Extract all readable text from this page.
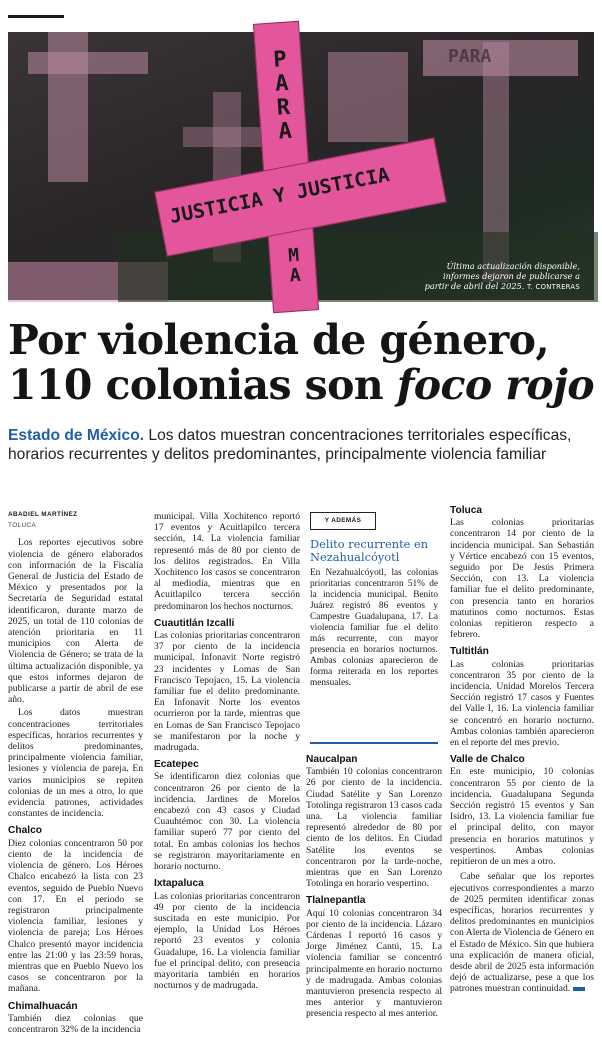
PARA
PARA
JUSTICIA Y JUSTICIA
MA	Última actualización disponible, informes dejaron de publicarse a partir de abril del 2025. T. CONTRERAS
Por violencia de género,
110 colonias son foco rojo
Estado de México. Los datos muestran concentraciones territoriales específicas, horarios recurrentes y delitos predominantes, principalmente violencia familiar
ABADIEL MARTÍNEZ
TOLUCA

Los reportes ejecutivos sobre violencia de género elaborados con información de la Fiscalía General de Justicia del Estado de México y presentados por la Secretaría de Seguridad estatal identificaron, durante marzo de 2025, un total de 110 colonias de atención prioritaria en 11 municipios con Alerta de Violencia de Género; se trata de la última actualización disponible, ya que estos informes dejaron de publicarse a partir de abril de ese año.

Los datos muestran concentraciones territoriales específicas, horarios recurrentes y delitos predominantes, principalmente violencia familiar, lesiones y violencia de pareja. En varios municipios se repiten colonias de un mes a otro, lo que evidencia patrones, actividades constantes de incidencia.

Chalco

Diez colonias concentraron 50 por ciento de la incidencia de violencia de género. Los Héroes Chalco encabezó la lista con 23 eventos, seguido de Pueblo Nuevo con 17. En el periodo se registraron principalmente violencia familiar, lesiones y violencia de pareja; Los Héroes Chalco presentó mayor incidencia entre las 21:00 y las 23:59 horas, mientras que en Pueblo Nuevo los casos se concentraron por la mañana.

Chimalhuacán

También diez colonias que concentraron 32% de la incidencia

municipal. Villa Xochitenco reportó 17 eventos y Acuitlapilco tercera sección, 14. La violencia familiar representó más de 80 por ciento de los delitos registrados. En Villa Xochitenco los casos se concentraron al mediodía, mientras que en Acuitlapilco tercera sección predominaron los hechos nocturnos.

Cuautitlán Izcalli

Las colonias prioritarias concentraron 37 por ciento de la incidencia municipal. Infonavit Norte registró 23 incidentes y Lomas de San Francisco Tepojaco, 15. La violencia familiar fue el delito predominante. En Infonavit Norte los eventos ocurrieron por la tarde, mientras que en Lomas de San Francisco Tepojaco se manifestaron por la noche y madrugada.

Ecatepec

Se identificaron diez colonias que concentraron 26 por ciento de la incidencia. Jardines de Morelos encabezó con 43 casos y Ciudad Cuauhtémoc con 30. La violencia familiar superó 77 por ciento del total. En ambas colonias los hechos se registraron mayoritariamente en horario nocturno.

Ixtapaluca

Las colonias prioritarias concentraron 49 por ciento de la incidencia suscitada en este municipio. Por ejemplo, la Unidad Los Héroes reportó 23 eventos y colonia Guadalupe, 16. La violencia familiar fue el principal delito, con presencia mayoritaria también en horarios nocturnos y de madrugada.

Y ADEMÁS
Delito recurrente en Nezahualcóyotl
En Nezahualcóyotl, las colonias prioritarias concentraron 51% de la incidencia municipal. Benito Juárez registró 86 eventos y Campestre Guadalupana, 17. La violencia familiar fue el delito más recurrente, con mayor presencia en horarios nocturnos. Ambas colonias aparecieron de forma reiterada en los reportes mensuales.
Naucalpan

También 10 colonias concentraron 26 por ciento de la incidencia. Ciudad Satélite y San Lorenzo Totolinga registraron 13 casos cada una. La violencia familiar representó alrededor de 80 por ciento de los delitos. En Ciudad Satélite los eventos se concentraron por la tarde-noche, mientras que en San Lorenzo Totolinga en horario vespertino.

Tlalnepantla

Aquí 10 colonias concentraron 34 por ciento de la incidencia. Lázaro Cárdenas I reportó 16 casos y Jorge Jiménez Cantú, 15. La violencia familiar se concentró principalmente en horario nocturno y de madrugada. Ambas colonias mantuvieron presencia respecto al mes anterior y mantuvieron presencia respecto al mes anterior.

Toluca

Las colonias prioritarias concentraron 14 por ciento de la incidencia municipal. San Sebastián y Vértice encabezó con 15 eventos, seguido por De Jesús Primera Sección, con 13. La violencia familiar fue el delito predominante, con presencia tanto en horarios matutinos como nocturnos. Estas colonias repitieron respecto a febrero.

Tultitlán

Las colonias prioritarias concentraron 35 por ciento de la incidencia. Unidad Morelos Tercera Sección registró 17 casos y Fuentes del Valle I, 16. La violencia familiar se concentró en horario nocturno. Ambas colonias también aparecieron en el reporte del mes previo.

Valle de Chalco

En este municipio, 10 colonias concentraron 55 por ciento de la incidencia. Guadalupana Segunda Sección registró 15 eventos y San Isidro, 13. La violencia familiar fue el principal delito, con mayor presencia en horarios matutinos y vespertinos. Ambas colonias repitieron de un mes a otro.

Cabe señalar que los reportes ejecutivos correspondientes a marzo de 2025 permiten identificar zonas específicas, horarios recurrentes y delitos predominantes en municipios con Alerta de Violencia de Género en el Estado de México. Sin que hubiera una explicación de manera oficial, desde abril de 2025 esta información dejó de actualizarse, pese a que los patrones muestran continuidad.
